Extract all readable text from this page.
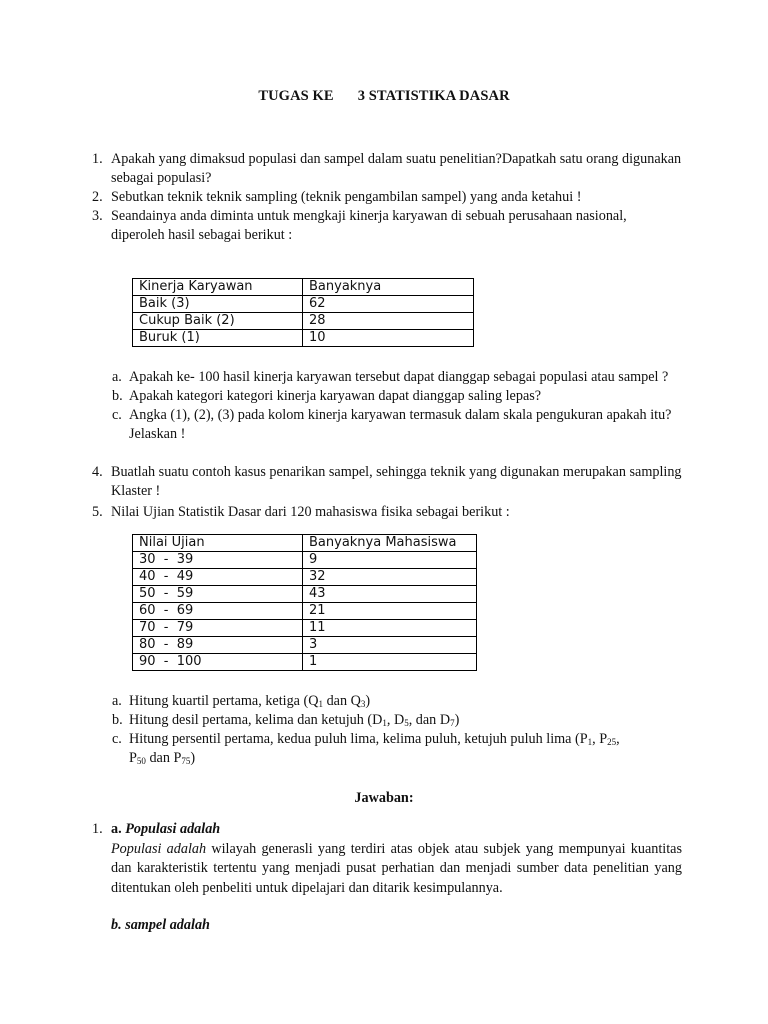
TUGAS KE 3 STATISTIKA DASAR
1. Apakah yang dimaksud populasi dan sampel dalam suatu penelitian?Dapatkah satu orang digunakan sebagai populasi?
2. Sebutkan teknik teknik sampling (teknik pengambilan sampel) yang anda ketahui !
3. Seandainya anda diminta untuk mengkaji kinerja karyawan di sebuah perusahaan nasional, diperoleh hasil sebagai berikut :
Kinerja Karyawan	Banyaknya
Baik (3)	62
Cukup Baik (2)	28
Buruk (1)	10
a. Apakah ke- 100 hasil kinerja karyawan tersebut dapat dianggap sebagai populasi atau sampel ?
b. Apakah kategori kategori kinerja karyawan dapat dianggap saling lepas?
c. Angka (1), (2), (3) pada kolom kinerja karyawan termasuk dalam skala pengukuran apakah itu? Jelaskan !
4. Buatlah suatu contoh kasus penarikan sampel, sehingga teknik yang digunakan merupakan sampling Klaster !
5. Nilai Ujian Statistik Dasar dari 120 mahasiswa fisika sebagai berikut :
Nilai Ujian	Banyaknya Mahasiswa
30  -  39	9
40  -  49	32
50  -  59	43
60  -  69	21
70  -  79	11
80  -  89	3
90  -  100	1
a. Hitung kuartil pertama, ketiga ($Q_1$ dan $Q_3$)
b. Hitung desil pertama, kelima dan ketujuh ($D_1$, $D_5$, dan $D_7$)
c. Hitung persentil pertama, kedua puluh lima, kelima puluh, ketujuh puluh lima ($P_1$, $P_{25}$,
$P_{50}$ dan $P_{75}$)
Jawaban:
1. a. Populasi adalah
Populasi adalah wilayah generasli yang terdiri atas objek atau subjek yang mempunyai kuantitas dan karakteristik tertentu yang menjadi pusat perhatian dan menjadi sumber data penelitian yang ditentukan oleh penbeliti untuk dipelajari dan ditarik kesimpulannya.
b. sampel adalah
